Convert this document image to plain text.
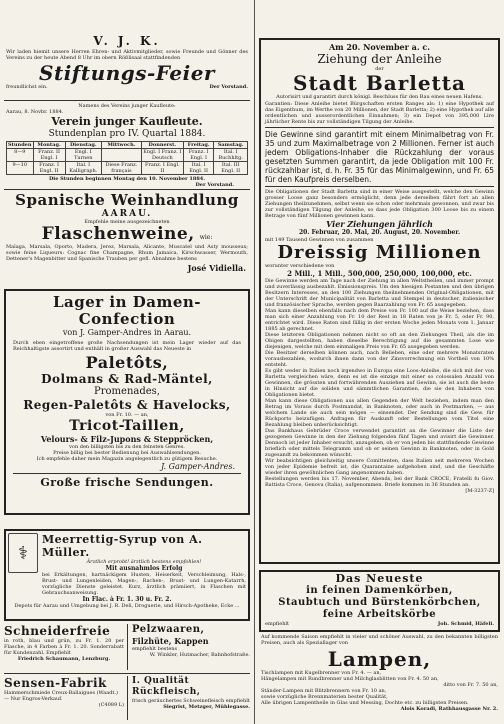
V. J. K.
Wir laden hiemit unsere Herren Ehren- und Aktivmitglieder, sowie Freunde und Gönner des Vereins zu der heute Abend 8 Uhr im obern Rößlisaal stattfindenden
Stiftungs-Feier
freundlichst ein.	Der Vorstand.
Namens des Vereins junger Kaufleute:
Aarau, 8. Novbr. 1884.
Verein junger Kaufleute.
Stundenplan pro IV. Quartal 1884.
Stunden	Montag.	Dienstag.	Mittwoch.	Donnerst.	Freitag.	Samstag.
8—9	Franz. II Engl. I	Engl. I Turnen		Engl. I Franz. I Deutsch	Franz. I Engl. I	Ital. I Buchhltg.
9—10	Franz. I Engl. II	Ital. I Kalligraph.	Diese Franz. français	Franz. I Engl. II	Ital. I Engl. II	Ital. III Engl. II
Die Stunden beginnen Montag den 10. November 1884.
Der Vorstand.
Spanische Weinhandlung
AARAU.
Empfehle meine ausgezeichneten
Flaschenweine, wie:
Malaga, Marsala, Oporto, Madera, Jerez, Marsala, Alicante, Muscatel und Asty mousseux; sowie feine Liqueurs: Cognac fine Champagne, Rhum Jamaica, Kirschwasser, Wermouth, Dettener's Magenbitter und Spanische Trauben per gefl. Abnahme bestens
José Vidiella.
Lager in Damen-Confection
von J. Gamper-Andres in Aarau.
Durch eben eingetroffene große Nachsendungen ist mein Lager wieder auf das Reichhaltigste assortirt und enthält in großer Auswahl das Neueste in
Paletôts,
Dolmans & Rad-Mäntel,
Promenades,
Regen-Paletôts & Havelocks,
von Fr. 10. — an,
Tricot-Taillen,
Velours- & Filz-Jupons & Steppröcken,
von den billigsten bis zu den feinsten Genres.
Preise billig bei bester Bedienung bei Auswahlsendungen.
Ich empfehle daher mein Magazin angelegentlich zu gütigem Besuche.
J. Gamper-Andres.
Große frische Sendungen.
⚕
Meerrettig-Syrup von A. Müller.
Ärztlich erprobt! ärztlich bestens empfohlen!
Mit ausnahmlos Erfolg
bei Erkältungen, hartnäckigem Husten, Heiserkeit, Verschleimung, Hals-, Brust- und Lungenleiden, Magen-, Rachen-, Brust- und Lungen-Katarrh, vorzügliche Dienste geleistet. Kurz, ärztlich prämiiert, in Flaschen mit Gebrauchsanweisung.
In Flac. à Fr. 1. 30 u. Fr. 2.
Depots für Aarau und Umgebung bei J. R. Deli, Droguerie, und Hirsch-Apotheke, Ecke ...
Schneiderfreie
in roth, blau und grün, zu Fr. 1. 20 per Flasche, in 4 Farben à Fr. 1. 20. Sonderrabatt für Kundenzahl. Empfiehlt
Friedrich Schaumann, Lenzburg.
Pelzwaaren,
Filzhüte, Kappen
empfiehlt bestens
W. Winkler, Hutmacher, Bahnhofstraße.
Sensen-Fabrik
Hammerschmiede Creux-Ballaigues (Waadt.) — Nur Engros-Verkauf.
(C4089 L)
I. Qualität Rückfleisch,
frisch geräuchertes Schweinefleisch empfiehlt
Siegrist, Metzger, Mühlegasse.
Am 20. November a. c.
Ziehung der Anleihe
der
Stadt Barletta
Autorisirt und garantirt durch königl. Beschluss für den Bau eines neuen Hafens.
Garantien: Diese Anleihe bietet Bürgschaften ersten Ranges als: 1) eine Hypothek auf das Eigenthum, im Werthe von 20 Millionen, der Stadt Barletta; 2) eine Hypothek auf alle ordentlichen und ausserordentlichen Einnahmen; 3) ein Depot von 395,000 Lire jährlicher Rente bis zur vollständigen Tilgung der Anleihe.
Die Gewinne sind garantirt mit einem Minimalbetrag von Fr. 35 und zum Maximalbetrage von 2 Millionen. Ferner ist auch jedem Obligations-Inhaber die Rückzahlung der voraus gesetzten Summen garantirt, da jede Obligation mit 100 Fr. rückzahlbar ist, d. h. Fr. 35 für das Minimalgewinn, und Fr. 65 für den Kaufpreis derselben.
Die Obligationen der Stadt Barletta sind in einer Weise ausgestellt, welche den Gewinn grosser Loose ganz besonders ermöglicht, denn jede derselben fährt fort an allen Ziehungen theilzunehmen, selbst wenn sie schon oder mehrmals gewonnen, und zwar bis zur vollständigen Tilgung der Anleihe, so dass jede Obligation 300 Loose bis zu einem Betrage von fünf Millionen gewinnen kann.
Vier Ziehungen jährlich
20. Februar, 20. Mai, 20. August, 20. November.
mit 149 Tausend Gewinnen von zusammen
Dreissig Millionen
worunter verschiedene von
2 Mill., 1 Mill., 500,000, 250,000, 100,000, etc.
Die Gewinne werden am Tage nach der Ziehung in allen Weltstheilen, und immer prompt und zuverlässig ausbezahlt. Emissionspreis. Um den hiesigen Postanten und den übrigen Besitzern Interesses, an den 100 Ziehungen theilnehmenden Original-Obligationen, mit der Unterschrift der Municipalität von Barletta und Stempel in deutscher, italienischer und französischer Sprache, werden gegen Baarzahlung von Fr. 65 ausgegeben.
Man kann dieselben ebenfalls nach dem Preise von Fr. 100 auf die Weise beziehen, dass man sich einer Anzahlung von Fr. 10 der Rest in 18 Raten von je Fr. 5, oder Fr. 90, entrichtet wird. Diese Raten sind fällig in der ersten Woche jeden Monats vom 1. Januar 1885 ab gerechnet.
Diese letzteren Obligationen nehmen nicht so oft an den Ziehungen Theil, als die im Obigen dargestellten, haben dieselbe Berechtigung auf die gesammten Lose wie diejenigen, welche mit dem einmaligen Preis von Fr. 65 ausgegeben werden.
Die Besitzer derselben können auch, nach Belieben, eine oder mehrere Monatsraten vorausbezahlen, wodurch ihnen dann von der Zinsvorrechnung ein Vortheil von 10% entsteht.
Es gibt weder in Italien noch irgendwo in Europa eine Loos-Anleihe, die sich mit der von Barletta vergleichen wäre, denn es ist die einzige mit einer so colossalen Anzahl von Gewinnen, die grössten und fortwährenden Ausziehen auf Gewinn, sie ist auch die beste in Hinsicht auf die soliden und sämmtlichen Garantien, die sie den Inhabern von Obligationen bietet.
Man kann diese Obligationen aus allen Gegenden der Welt beziehen, indem man den Betrag im Voraus durch Postmandat, in Banknoten, oder auch in Postmarken, — aus welchem Lande sie auch sein mögen — einsendet. Der Sendung sind die Gew. für Rückporto beizufügen. Anfragen für Auskunft oder Bestellungen vom Titel eine Bezahlung bleiben unberücksichtigt.
Das Bankhaus Gebrüder Croce verwendet garantirt an die Gewinner die Liste der gezogenen Gewinne in den der Ziehung folgenden fünf Tagen und avisirt die Gewinner. Dennoch ist jeder Inhaber ersucht, anzugeben, ob er von jeden bis stattfindende Gewinne brieflich oder mittels Telegramm und ob er seinen Gewinn in Banknoten, oder in Gold zugesandt zu bekommen wünscht.
Wir beabsichtigen gleichzeitig unsere Comittenten, dass Italien seit mehreren Wochen von jeder Epidemie befreit ist, die Quarantaine aufgehoben sind, und die Geschäfte wieder ihren gewöhnlichen Gang angenommen haben.
Bestellungen werden bis 17. November, Abends, bei der Bank CROCE, Fratelli fu Giov. Battista Croce, Genova (Italia), aufgenommen. Briefe kommen in 36 Stunden an.
[M-3237-Z]
Das Neueste
in feinen Damenkörben,
Staubtuch und Bürstenkörbchen,
feine Arbeitskörbe
empfiehlt	Joh. Schmid, Häfeli.
Auf kommende Saison empfiehlt in vieler und schöner Auswahl, zu den bekannten billigsten Preisen, auch als Speziallager von
Lampen,
Tischlampen mit Kugelbrenner von Fr. 4. — an,
Hängelampen mit Rundbrenner und Milchglasblitten von Fr. 4. 50 an,
ditto von Fr. 7. 50 an,
Ständer-Lampen mit Blitzbrennern von Fr. 10 an,
sowie vorzügliche Brennmaterien bester Qualität,
Alle übrigen Lampentheile in Glas und Messing, Dochte etc. zu billigsten Preisen.
Alois Koradi, Rathhausgasse Nr. 2.
